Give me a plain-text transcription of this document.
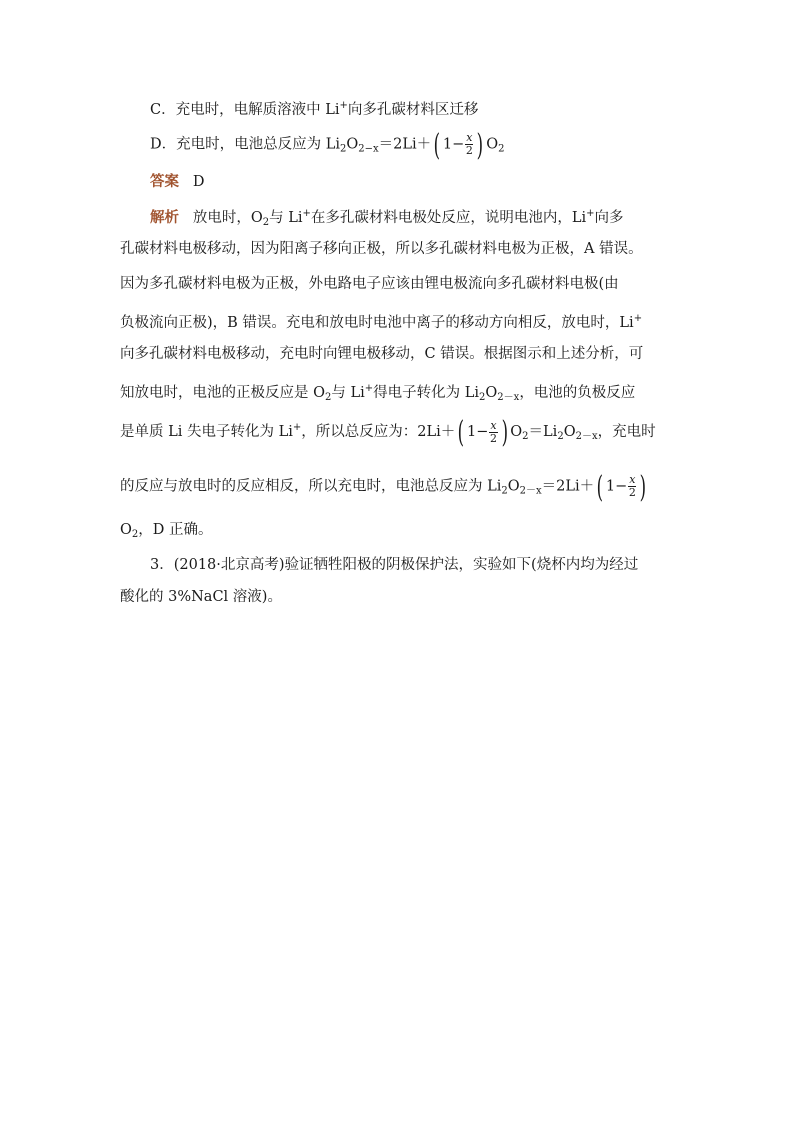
C．充电时，电解质溶液中 Li+向多孔碳材料区迁移
D．充电时，电池总反应为 $Li_2O_{2-x}=2Li+$( $1- \frac{x}{2}$ ) $O_2$
答案 D
解析 放电时，$O_2$与 Li+在多孔碳材料电极处反应，说明电池内，Li+向多
孔碳材料电极移动，因为阳离子移向正极，所以多孔碳材料电极为正极，A 错误。
因为多孔碳材料电极为正极，外电路电子应该由锂电极流向多孔碳材料电极(由
负极流向正极)，B 错误。充电和放电时电池中离子的移动方向相反，放电时，Li+
向多孔碳材料电极移动，充电时向锂电极移动，C 错误。根据图示和上述分析，可
知放电时，电池的正极反应是 $O_2$与 Li+得电子转化为 $Li_2O_{2-x}$，电池的负极反应
是单质 Li 失电子转化为 Li+，所以总反应为：2Li＋( $1- \frac{x}{2}$ ) $O_2=Li_2O_{2-x}$，充电时
的反应与放电时的反应相反，所以充电时，电池总反应为 $Li_2O_{2-x}=2Li+$( $1- \frac{x}{2}$ )
$O_2$，D 正确。
3．(2018·北京高考)验证牺牲阳极的阴极保护法，实验如下(烧杯内均为经过
酸化的 3%NaCl 溶液)。
